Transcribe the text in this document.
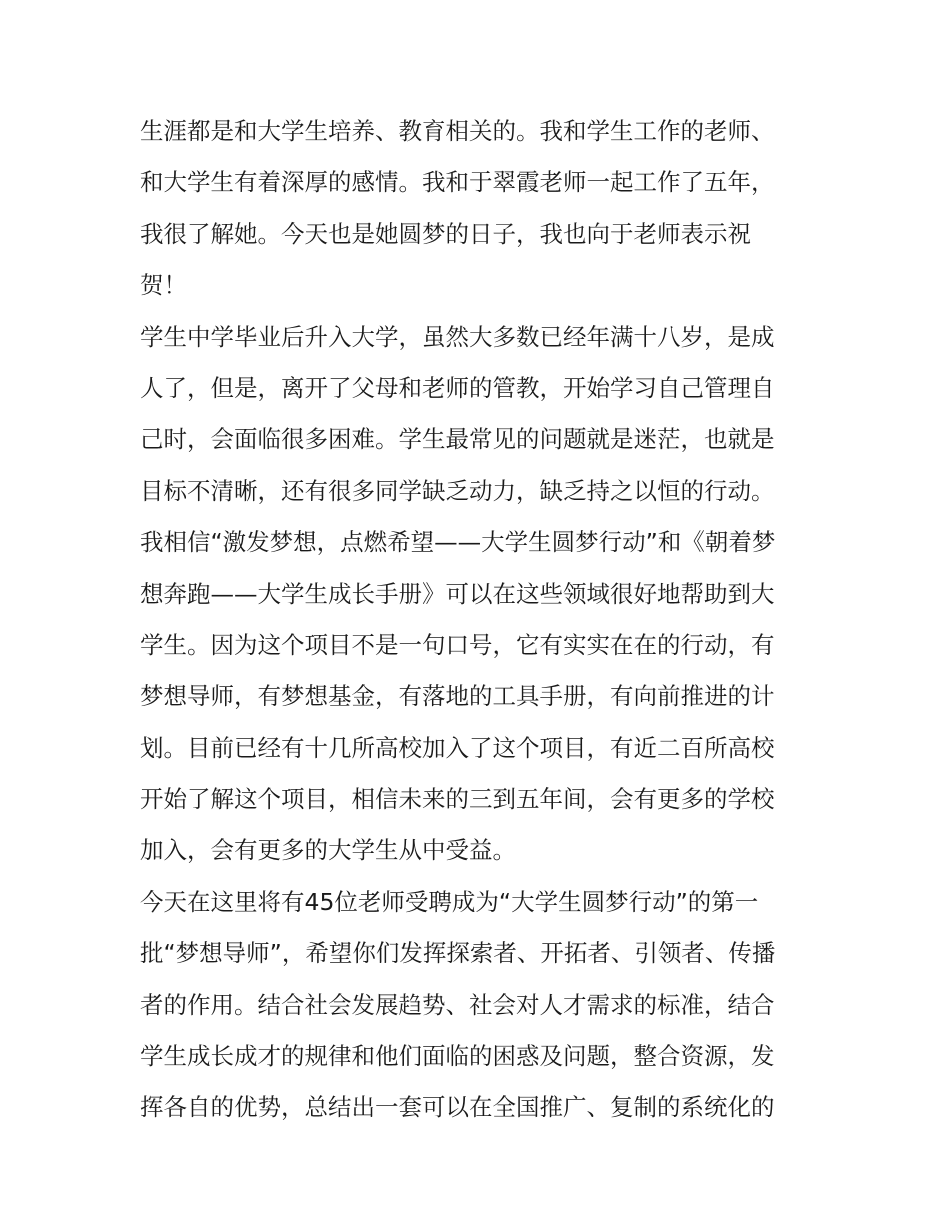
生涯都是和大学生培养、教育相关的。我和学生工作的老师、
和大学生有着深厚的感情。我和于翠霞老师一起工作了五年，
我很了解她。今天也是她圆梦的日子，我也向于老师表示祝
贺！

学生中学毕业后升入大学，虽然大多数已经年满十八岁，是成
人了，但是，离开了父母和老师的管教，开始学习自己管理自
己时，会面临很多困难。学生最常见的问题就是迷茫，也就是
目标不清晰，还有很多同学缺乏动力，缺乏持之以恒的行动。
我相信“激发梦想，点燃希望——大学生圆梦行动”和《朝着梦
想奔跑——大学生成长手册》可以在这些领域很好地帮助到大
学生。因为这个项目不是一句口号，它有实实在在的行动，有
梦想导师，有梦想基金，有落地的工具手册，有向前推进的计
划。目前已经有十几所高校加入了这个项目，有近二百所高校
开始了解这个项目，相信未来的三到五年间，会有更多的学校
加入，会有更多的大学生从中受益。

今天在这里将有45位老师受聘成为“大学生圆梦行动”的第一
批“梦想导师”，希望你们发挥探索者、开拓者、引领者、传播
者的作用。结合社会发展趋势、社会对人才需求的标准，结合
学生成长成才的规律和他们面临的困惑及问题，整合资源，发
挥各自的优势，总结出一套可以在全国推广、复制的系统化的
